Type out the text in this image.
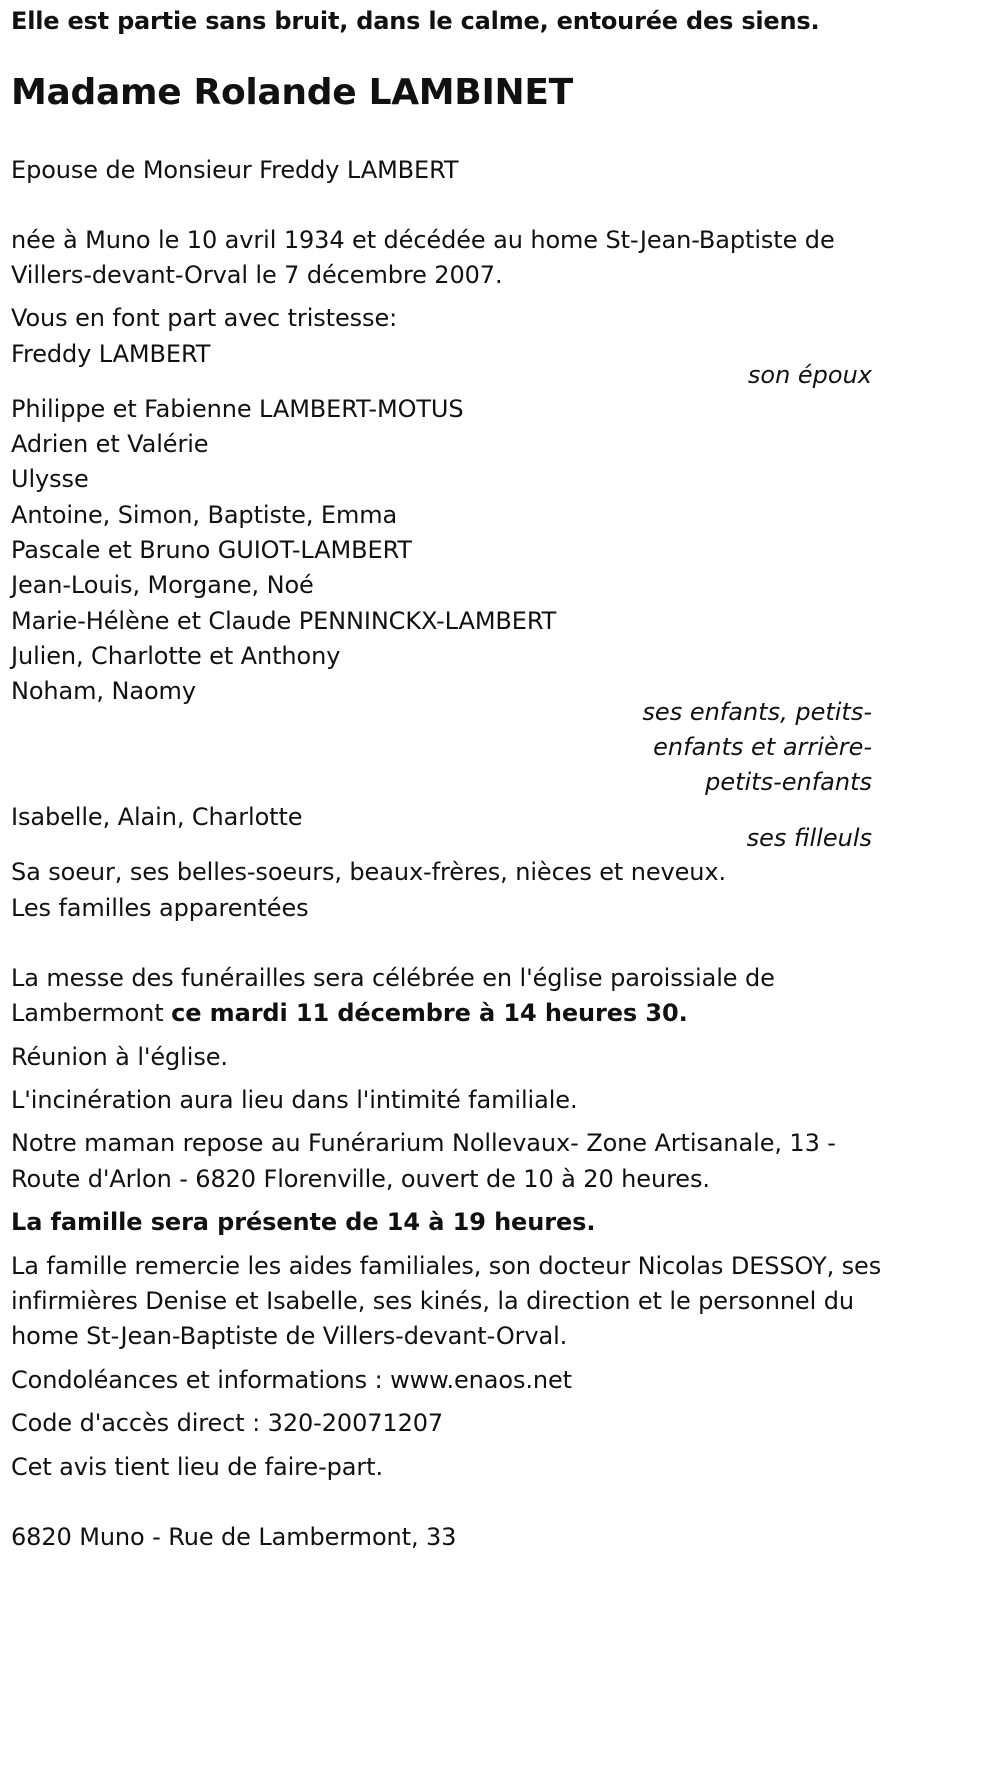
Elle est partie sans bruit, dans le calme, entourée des siens.

Madame Rolande LAMBINET

Epouse de Monsieur Freddy LAMBERT

née à Muno le 10 avril 1934 et décédée au home St-Jean-Baptiste de

Villers-devant-Orval le 7 décembre 2007.

Vous en font part avec tristesse:

Freddy LAMBERT

son époux

Philippe et Fabienne LAMBERT-MOTUS

Adrien et Valérie

Ulysse

Antoine, Simon, Baptiste, Emma

Pascale et Bruno GUIOT-LAMBERT

Jean-Louis, Morgane, Noé

Marie-Hélène et Claude PENNINCKX-LAMBERT

Julien, Charlotte et Anthony

Noham, Naomy

ses enfants, petits-

enfants et arrière-

petits-enfants

Isabelle, Alain, Charlotte

ses filleuls

Sa soeur, ses belles-soeurs, beaux-frères, nièces et neveux.

Les familles apparentées

La messe des funérailles sera célébrée en l'église paroissiale de

Lambermont ce mardi 11 décembre à 14 heures 30.

Réunion à l'église.

L'incinération aura lieu dans l'intimité familiale.

Notre maman repose au Funérarium Nollevaux- Zone Artisanale, 13 -

Route d'Arlon - 6820 Florenville, ouvert de 10 à 20 heures.

La famille sera présente de 14 à 19 heures.

La famille remercie les aides familiales, son docteur Nicolas DESSOY, ses

infirmières Denise et Isabelle, ses kinés, la direction et le personnel du

home St-Jean-Baptiste de Villers-devant-Orval.

Condoléances et informations : www.enaos.net

Code d'accès direct : 320-20071207

Cet avis tient lieu de faire-part.

6820 Muno - Rue de Lambermont, 33
